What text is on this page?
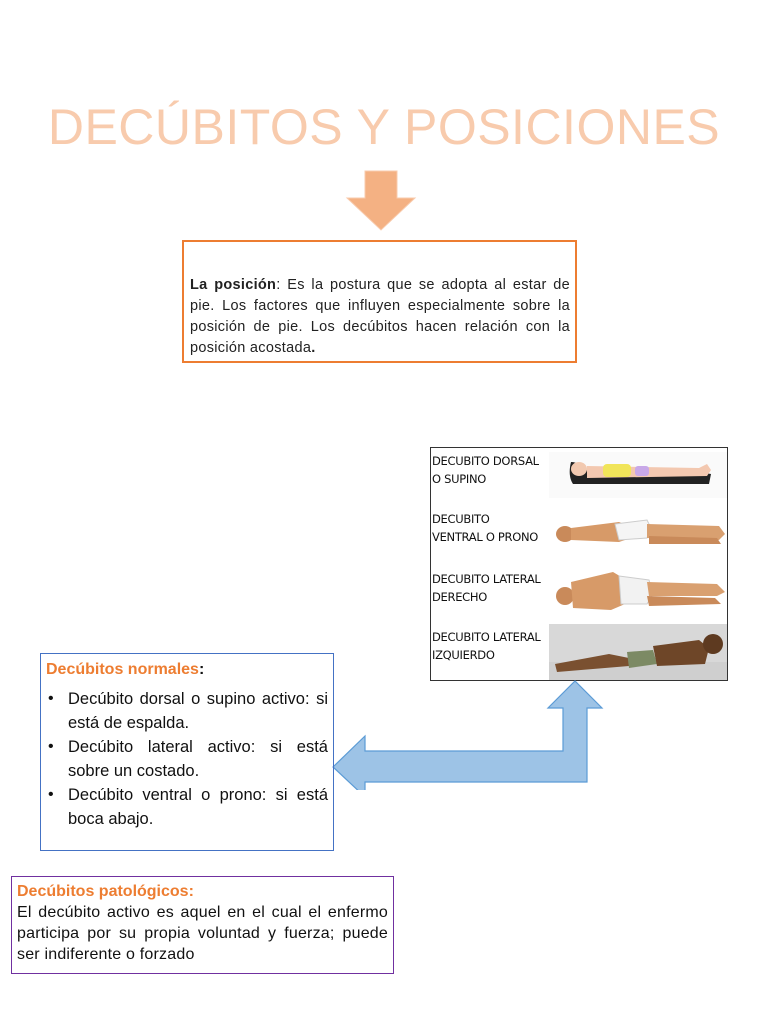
DECÚBITOS Y POSICIONES
La posición: Es la postura que se adopta al estar de pie. Los factores que influyen especialmente sobre la posición de pie. Los decúbitos hacen relación con la posición acostada.
DECUBITO DORSAL
O SUPINO
DECUBITO
VENTRAL O PRONO
DECUBITO LATERAL
DERECHO
DECUBITO LATERAL
IZQUIERDO
Decúbitos normales:
• Decúbito dorsal o supino activo: si está de espalda.
• Decúbito lateral activo: si está sobre un costado.
• Decúbito ventral o prono: si está boca abajo.
Decúbitos patológicos:
El decúbito activo es aquel en el cual el enfermo participa por su propia voluntad y fuerza; puede ser indiferente o forzado
